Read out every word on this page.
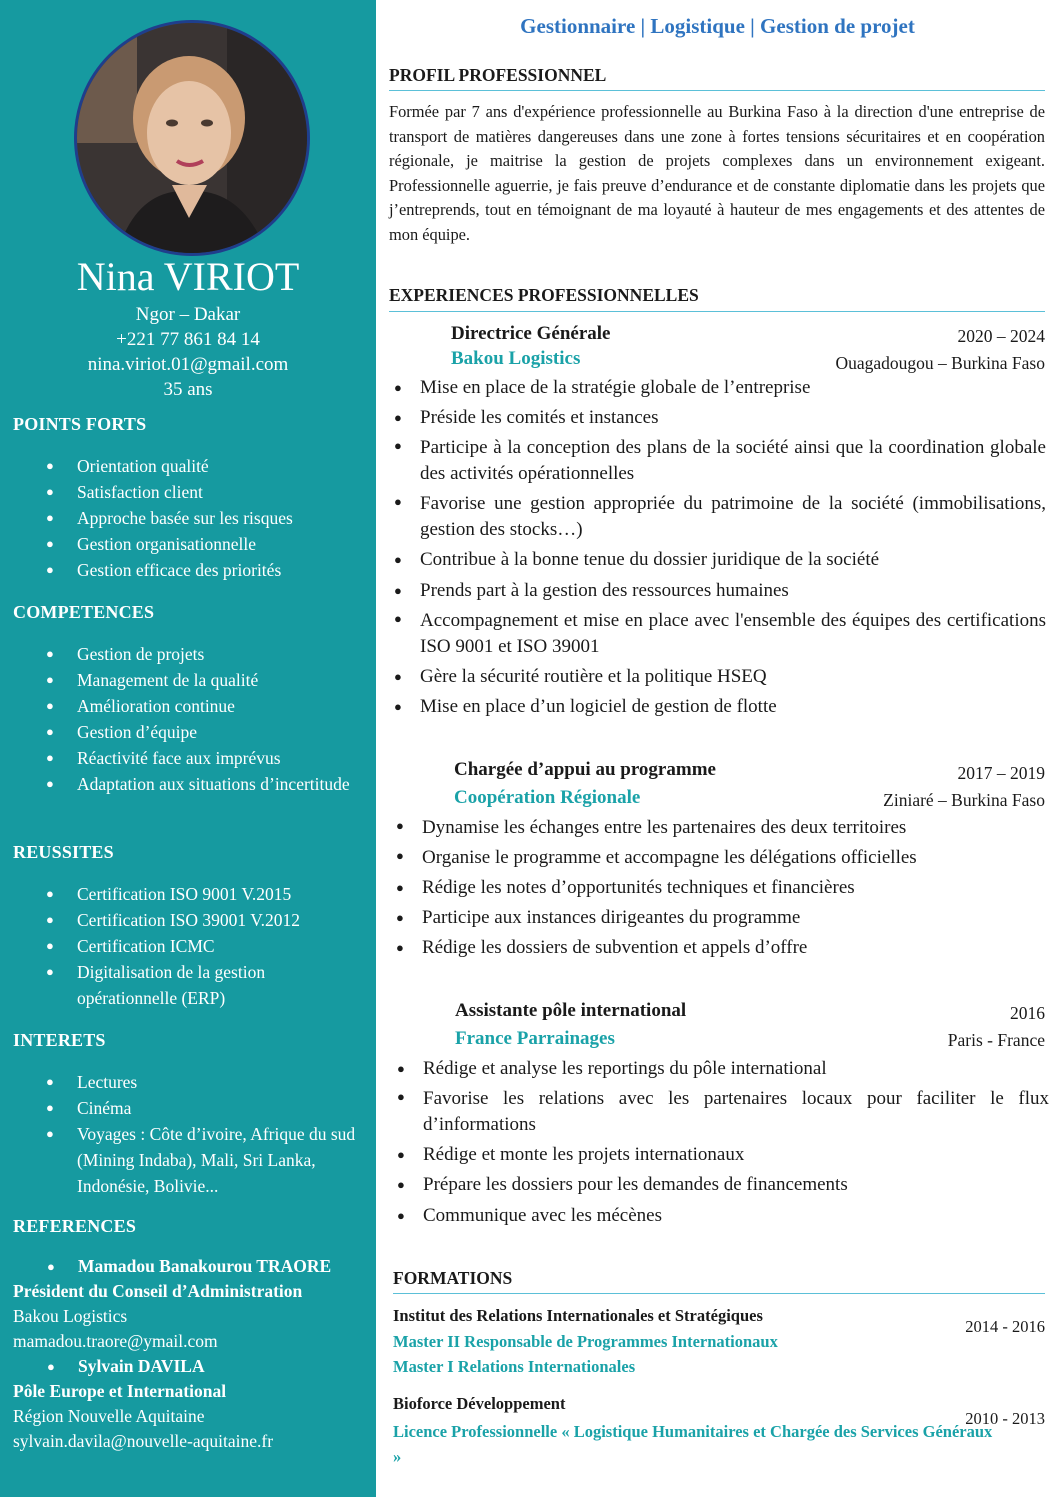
Nina VIRIOT
Ngor – Dakar
+221 77 861 84 14
nina.viriot.01@gmail.com
35 ans
POINTS FORTS
● Orientation qualité
● Satisfaction client
● Approche basée sur les risques
● Gestion organisationnelle
● Gestion efficace des priorités
COMPETENCES
● Gestion de projets
● Management de la qualité
● Amélioration continue
● Gestion d’équipe
● Réactivité face aux imprévus
● Adaptation aux situations d’incertitude
REUSSITES
● Certification ISO 9001 V.2015
● Certification ISO 39001 V.2012
● Certification ICMC
● Digitalisation de la gestion opérationnelle (ERP)
INTERETS
● Lectures
● Cinéma
● Voyages : Côte d’ivoire, Afrique du sud (Mining Indaba), Mali, Sri Lanka, Indonésie, Bolivie...
REFERENCES
● Mamadou Banakourou TRAORE
Président du Conseil d’Administration
Bakou Logistics
mamadou.traore@ymail.com
● Sylvain DAVILA
Pôle Europe et International
Région Nouvelle Aquitaine
sylvain.davila@nouvelle-aquitaine.fr
Gestionnaire | Logistique | Gestion de projet
PROFIL PROFESSIONNEL
Formée par 7 ans d'expérience professionnelle au Burkina Faso à la direction d'une entreprise de transport de matières dangereuses dans une zone à fortes tensions sécuritaires et en coopération régionale, je maitrise la gestion de projets complexes dans un environnement exigeant. Professionnelle aguerrie, je fais preuve d’endurance et de constante diplomatie dans les projets que j’entreprends, tout en témoignant de ma loyauté à hauteur de mes engagements et des attentes de mon équipe.
EXPERIENCES PROFESSIONNELLES
Directrice Générale	2020 – 2024
Bakou Logistics	Ouagadougou – Burkina Faso
● Mise en place de la stratégie globale de l’entreprise
● Préside les comités et instances
● Participe à la conception des plans de la société ainsi que la coordination globale des activités opérationnelles
● Favorise une gestion appropriée du patrimoine de la société (immobilisations, gestion des stocks…)
● Contribue à la bonne tenue du dossier juridique de la société
● Prends part à la gestion des ressources humaines
● Accompagnement et mise en place avec l'ensemble des équipes des certifications ISO 9001 et ISO 39001
● Gère la sécurité routière et la politique HSEQ
● Mise en place d’un logiciel de gestion de flotte
Chargée d’appui au programme	2017 – 2019
Coopération Régionale	Ziniaré – Burkina Faso
● Dynamise les échanges entre les partenaires des deux territoires
● Organise le programme et accompagne les délégations officielles
● Rédige les notes d’opportunités techniques et financières
● Participe aux instances dirigeantes du programme
● Rédige les dossiers de subvention et appels d’offre
Assistante pôle international	2016
France Parrainages	Paris - France
● Rédige et analyse les reportings du pôle international
● Favorise les relations avec les partenaires locaux pour faciliter le flux d’informations
● Rédige et monte les projets internationaux
● Prépare les dossiers pour les demandes de financements
● Communique avec les mécènes
FORMATIONS
Institut des Relations Internationales et Stratégiques
2014 - 2016
Master II Responsable de Programmes Internationaux
Master I Relations Internationales
Bioforce Développement
2010 - 2013
Licence Professionnelle « Logistique Humanitaires et Chargée des Services Généraux »
